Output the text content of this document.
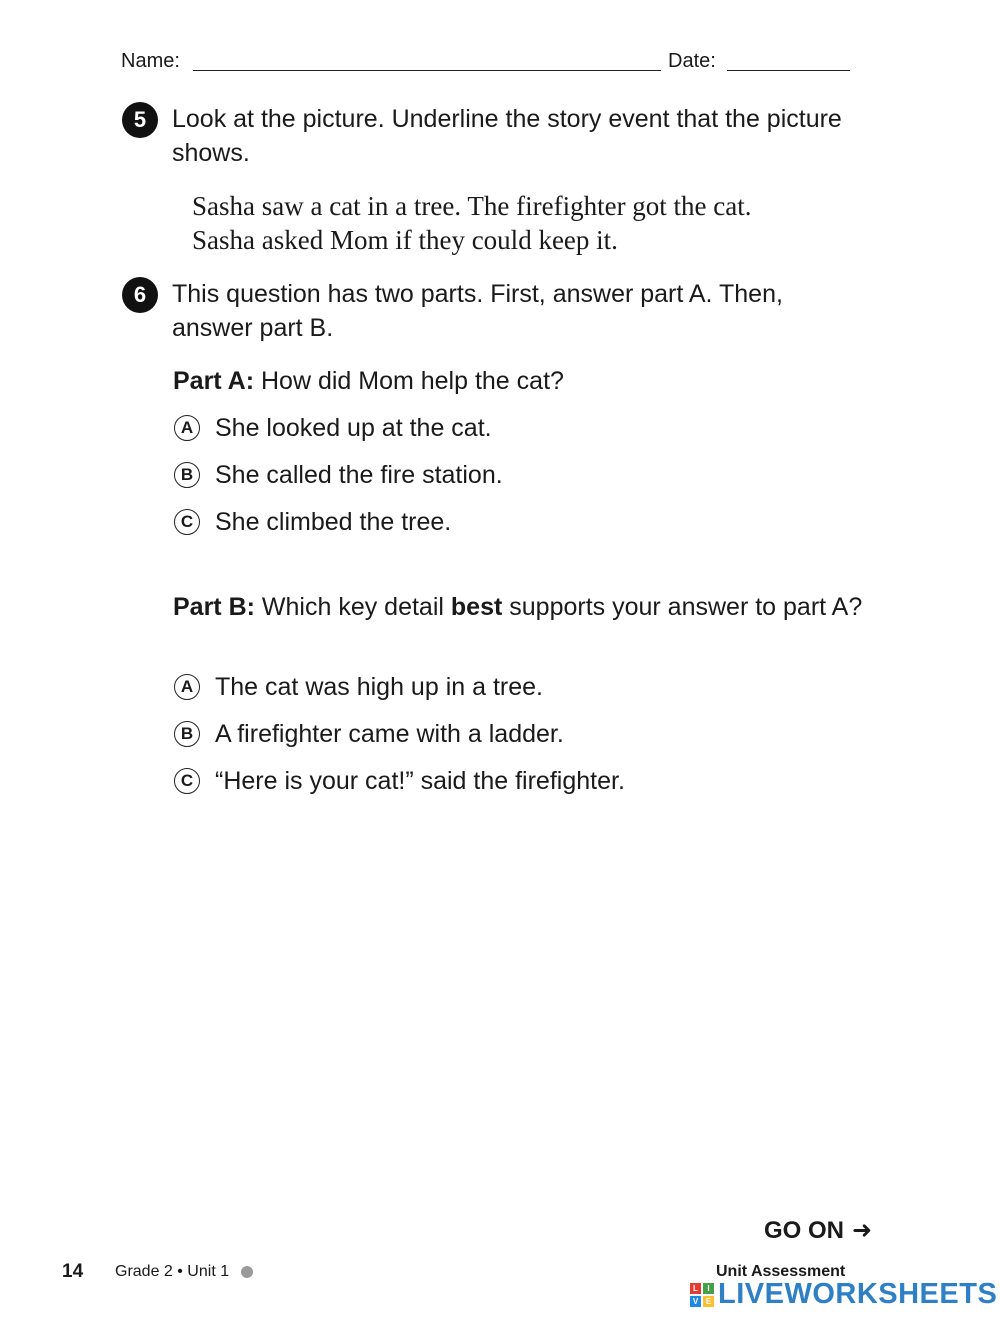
Name:	Date:
5	Look at the picture. Underline the story event that the picture shows.
Sasha saw a cat in a tree. The firefighter got the cat.
Sasha asked Mom if they could keep it.
6	This question has two parts. First, answer part A. Then, answer part B.
Part A: How did Mom help the cat?
A She looked up at the cat.
B She called the fire station.
C She climbed the tree.
Part B: Which key detail best supports your answer to part A?
A The cat was high up in a tree.
B A firefighter came with a ladder.
C “Here is your cat!” said the firefighter.
GO ON ➜
14 Grade 2 • Unit 1	Unit Assessment
L	I
V E LIVEWORKSHEETS
